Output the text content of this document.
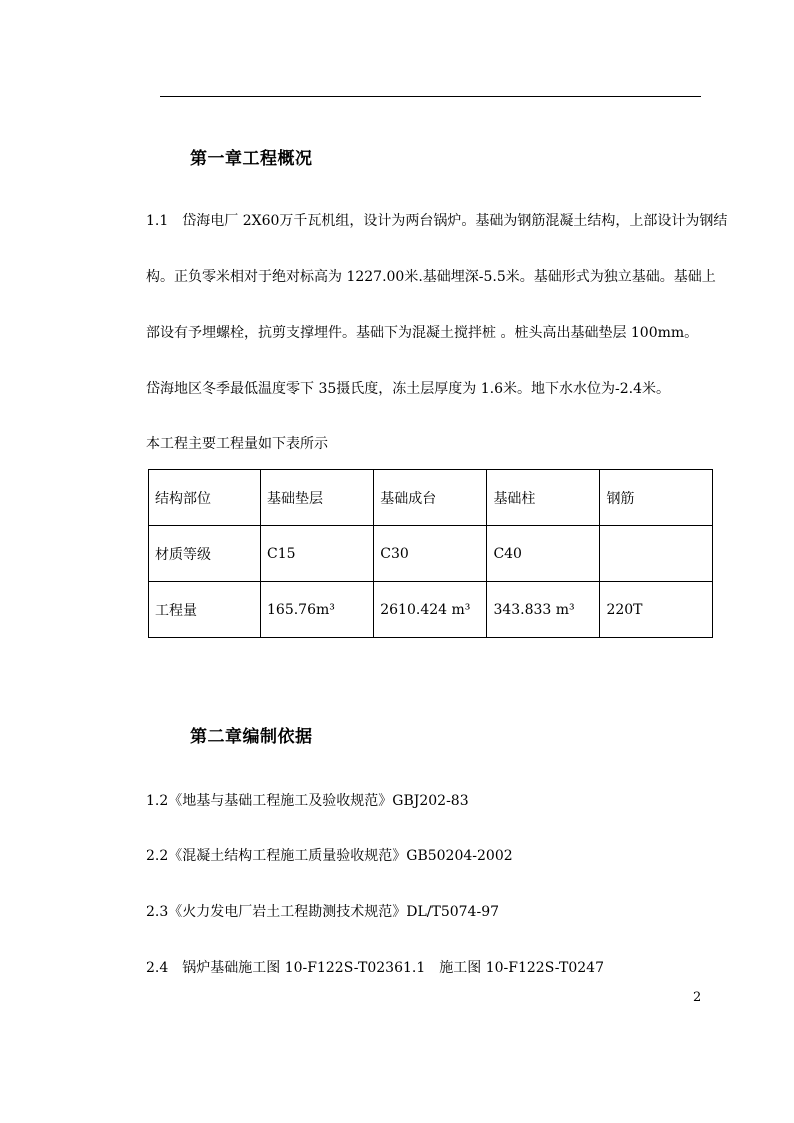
第一章工程概况
1.1　岱海电厂 2X60万千瓦机组，设计为两台锅炉。基础为钢筋混凝土结构，上部设计为钢结
构。正负零米相对于绝对标高为 1227.00米.基础埋深-5.5米。基础形式为独立基础。基础上
部设有予埋螺栓，抗剪支撑埋件。基础下为混凝土搅拌桩 。桩头高出基础垫层 100mm。
岱海地区冬季最低温度零下 35摄氏度，冻土层厚度为 1.6米。地下水水位为-2.4米。
本工程主要工程量如下表所示
结构部位	基础垫层	基础成台	基础柱	钢筋
材质等级	C15	C30	C40	
工程量	165.76m³	2610.424 m³	343.833 m³	220T
第二章编制依据
1.2《地基与基础工程施工及验收规范》GBJ202-83
2.2《混凝土结构工程施工质量验收规范》GB50204-2002
2.3《火力发电厂岩土工程勘测技术规范》DL/T5074-97
2.4　锅炉基础施工图 10-F122S-T02361.1　施工图 10-F122S-T0247
2
